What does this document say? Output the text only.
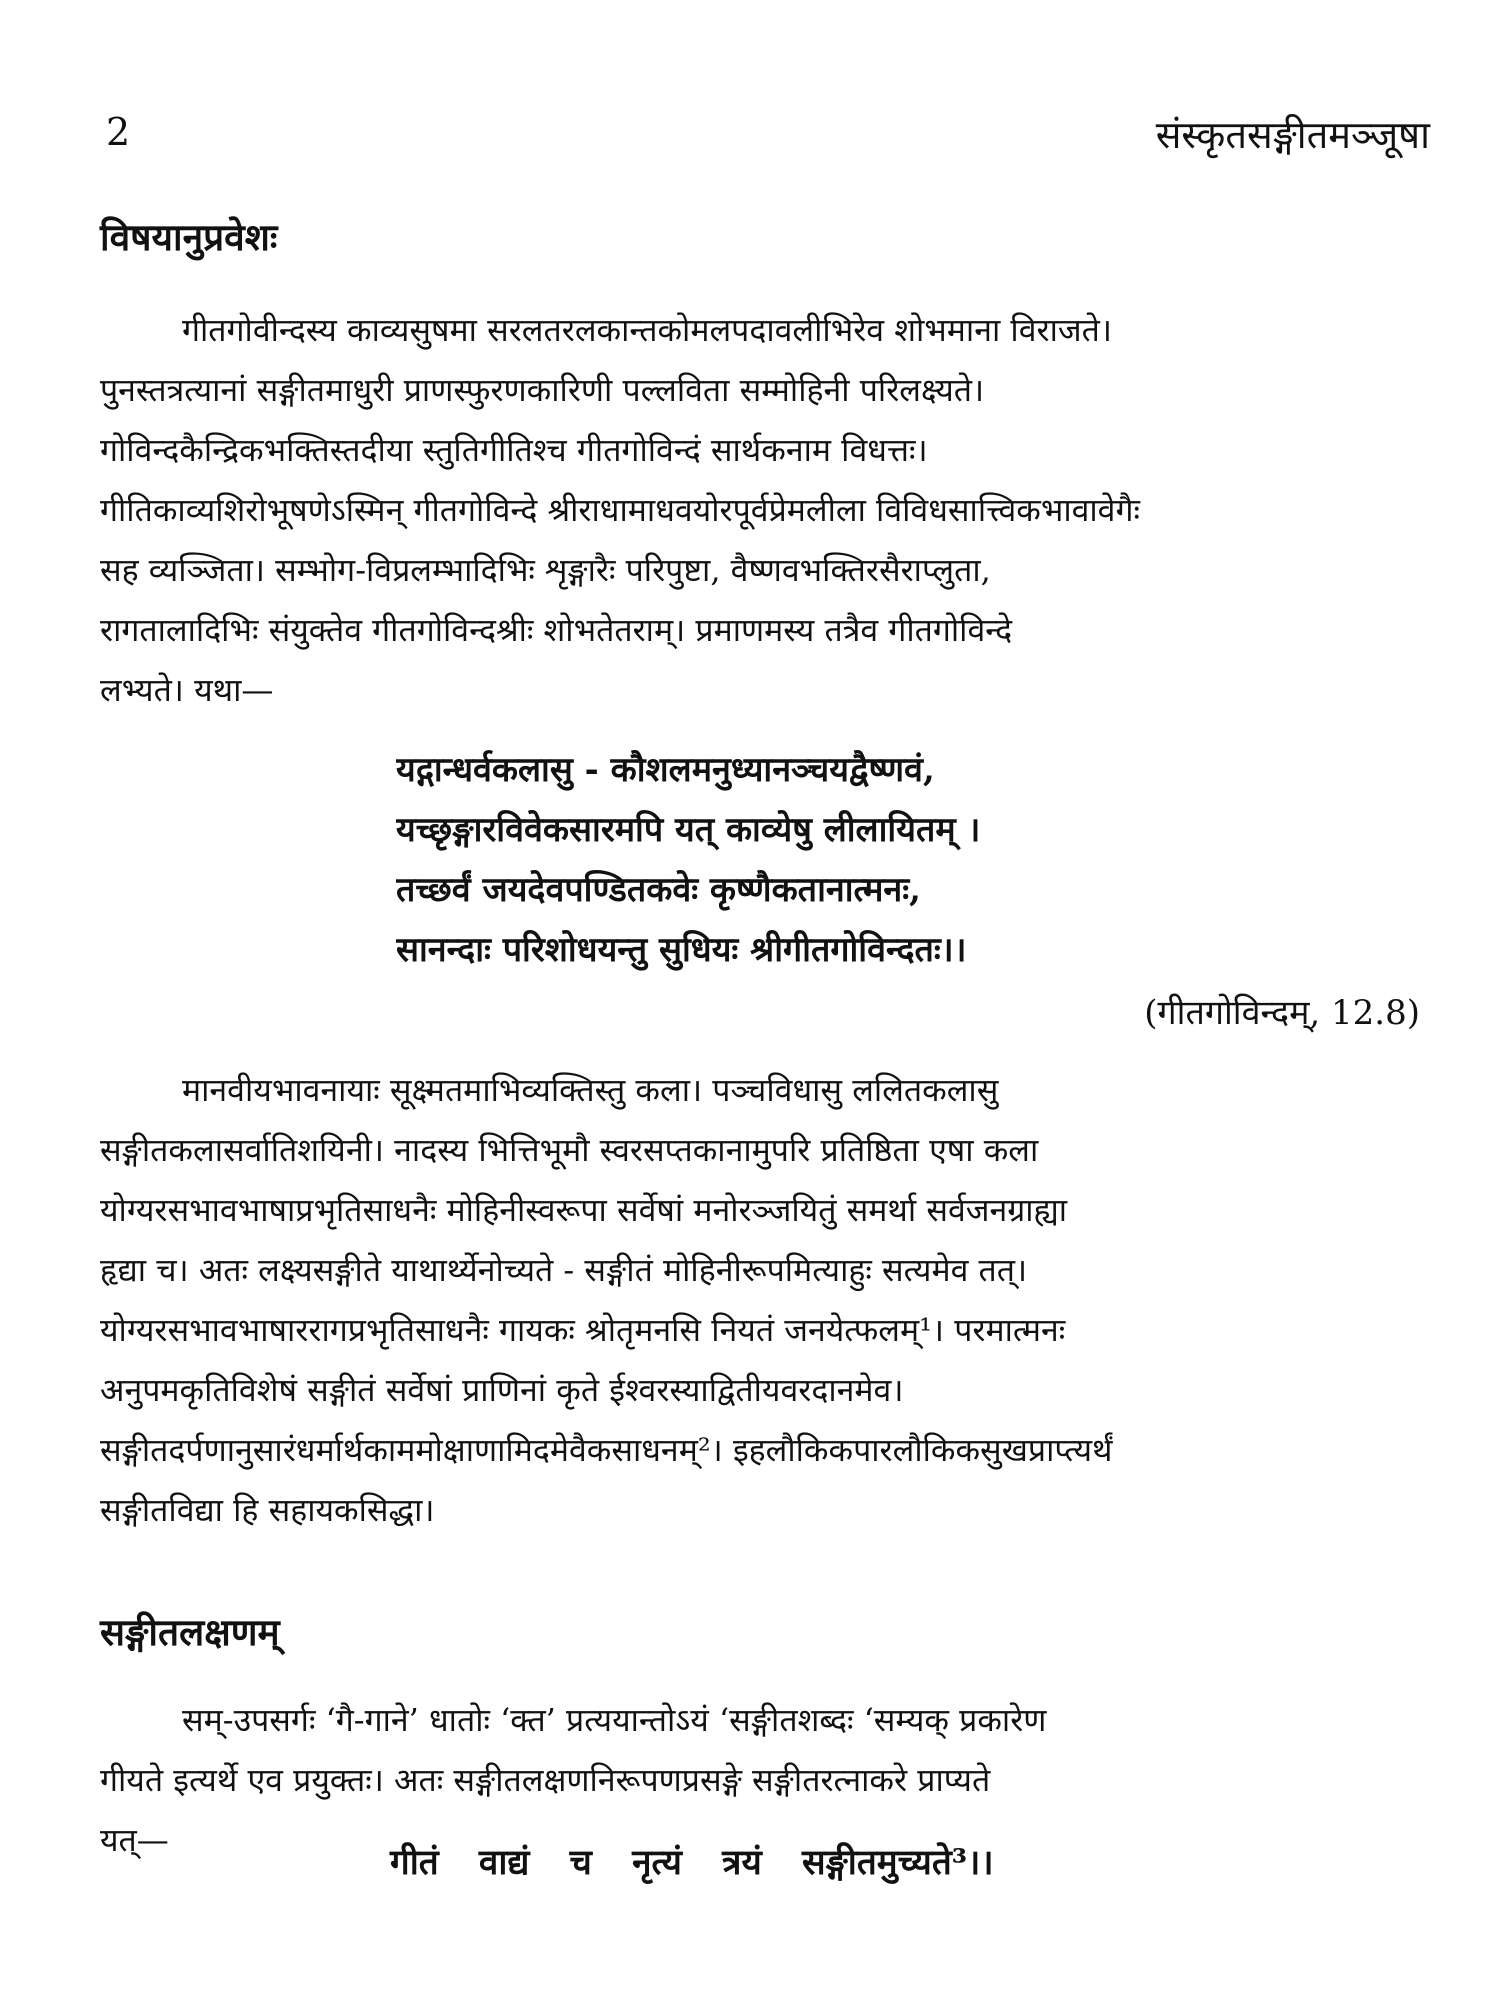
2	संस्कृतसङ्गीतमञ्जूषा
विषयानुप्रवेशः
गीतगोवीन्दस्य काव्यसुषमा सरलतरलकान्तकोमलपदावलीभिरेव शोभमाना विराजते।
पुनस्तत्रत्यानां सङ्गीतमाधुरी प्राणस्फुरणकारिणी पल्लविता सम्मोहिनी परिलक्ष्यते।
गोविन्दकैन्द्रिकभक्तिस्तदीया स्तुतिगीतिश्च गीतगोविन्दं सार्थकनाम विधत्तः।
गीतिकाव्यशिरोभूषणेऽस्मिन् गीतगोविन्दे श्रीराधामाधवयोरपूर्वप्रेमलीला विविधसात्त्विकभावावेगैः
सह व्यञ्जिता। सम्भोग-विप्रलम्भादिभिः शृङ्गारैः परिपुष्टा, वैष्णवभक्तिरसैराप्लुता,
रागतालादिभिः संयुक्तेव गीतगोविन्दश्रीः शोभतेतराम्। प्रमाणमस्य तत्रैव गीतगोविन्दे
लभ्यते। यथा—
यद्गान्धर्वकलासु - कौशलमनुध्यानञ्चयद्वैष्णवं,
यच्छृङ्गारविवेकसारमपि यत् काव्येषु लीलायितम् ।
तच्छर्वं जयदेवपण्डितकवेः कृष्णैकतानात्मनः,
सानन्दाः परिशोधयन्तु सुधियः श्रीगीतगोविन्दतः।।
(गीतगोविन्दम्, 12.8)
मानवीयभावनायाः सूक्ष्मतमाभिव्यक्तिस्तु कला। पञ्चविधासु ललितकलासु
सङ्गीतकलासर्वातिशयिनी। नादस्य भित्तिभूमौ स्वरसप्तकानामुपरि प्रतिष्ठिता एषा कला
योग्यरसभावभाषाप्रभृतिसाधनैः मोहिनीस्वरूपा सर्वेषां मनोरञ्जयितुं समर्था सर्वजनग्राह्या
हृद्या च। अतः लक्ष्यसङ्गीते याथार्थ्येनोच्यते - सङ्गीतं मोहिनीरूपमित्याहुः सत्यमेव तत्।
योग्यरसभावभाषाररागप्रभृतिसाधनैः गायकः श्रोतृमनसि नियतं जनयेत्फलम्¹। परमात्मनः
अनुपमकृतिविशेषं सङ्गीतं सर्वेषां प्राणिनां कृते ईश्वरस्याद्वितीयवरदानमेव।
सङ्गीतदर्पणानुसारंधर्मार्थकाममोक्षाणामिदमेवैकसाधनम्²। इहलौकिकपारलौकिकसुखप्राप्त्यर्थं
सङ्गीतविद्या हि सहायकसिद्धा।
सङ्गीतलक्षणम्
सम्-उपसर्गः ‘गै-गाने’ धातोः ‘क्त’ प्रत्ययान्तोऽयं ‘सङ्गीतशब्दः ‘सम्यक् प्रकारेण
गीयते इत्यर्थे एव प्रयुक्तः। अतः सङ्गीतलक्षणनिरूपणप्रसङ्गे सङ्गीतरत्नाकरे प्राप्यते
यत्—
गीतं वाद्यं च नृत्यं त्रयं सङ्गीतमुच्यते³।।
